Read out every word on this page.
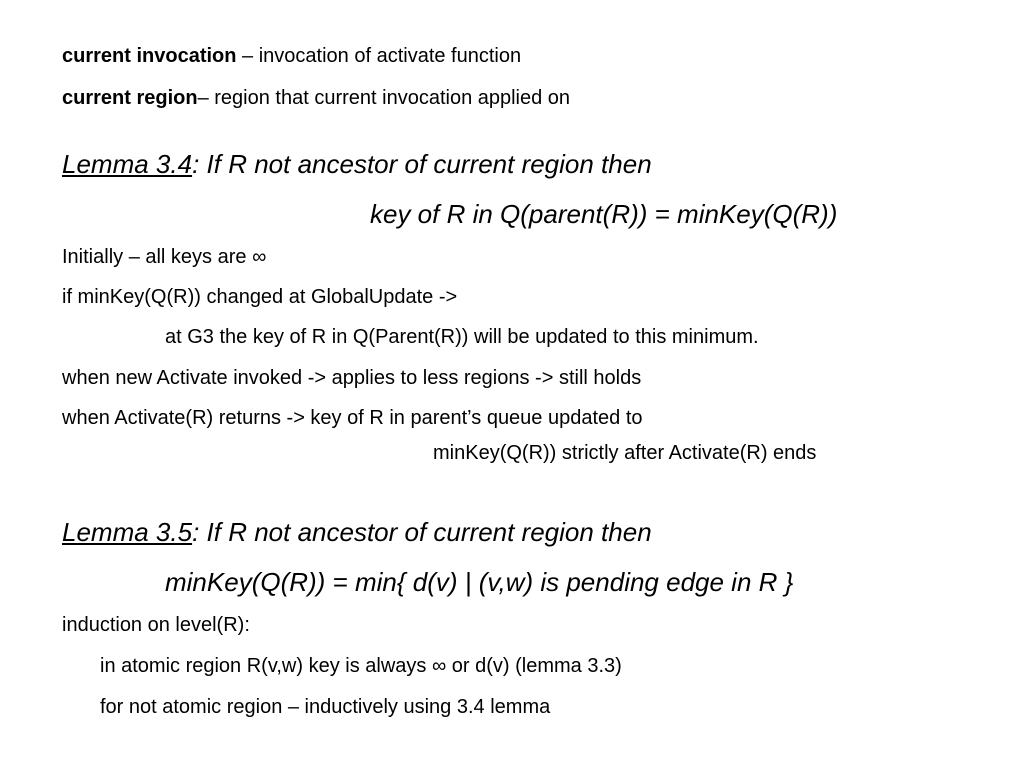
current invocation – invocation of activate function
current region– region that current invocation applied on
Lemma 3.4: If R not ancestor of current region then
key of R in Q(parent(R)) = minKey(Q(R))
Initially – all keys are ∞
if minKey(Q(R)) changed at GlobalUpdate ->
at G3 the key of R in Q(Parent(R)) will be updated to this minimum.
when new Activate invoked -> applies to less regions -> still holds
when Activate(R) returns -> key of R in parent’s queue updated to
minKey(Q(R)) strictly after Activate(R) ends
Lemma 3.5: If R not ancestor of current region then
minKey(Q(R)) = min{ d(v) | (v,w) is pending edge in R }
induction on level(R):
in atomic region R(v,w) key is always ∞ or d(v) (lemma 3.3)
for not atomic region – inductively using 3.4 lemma
